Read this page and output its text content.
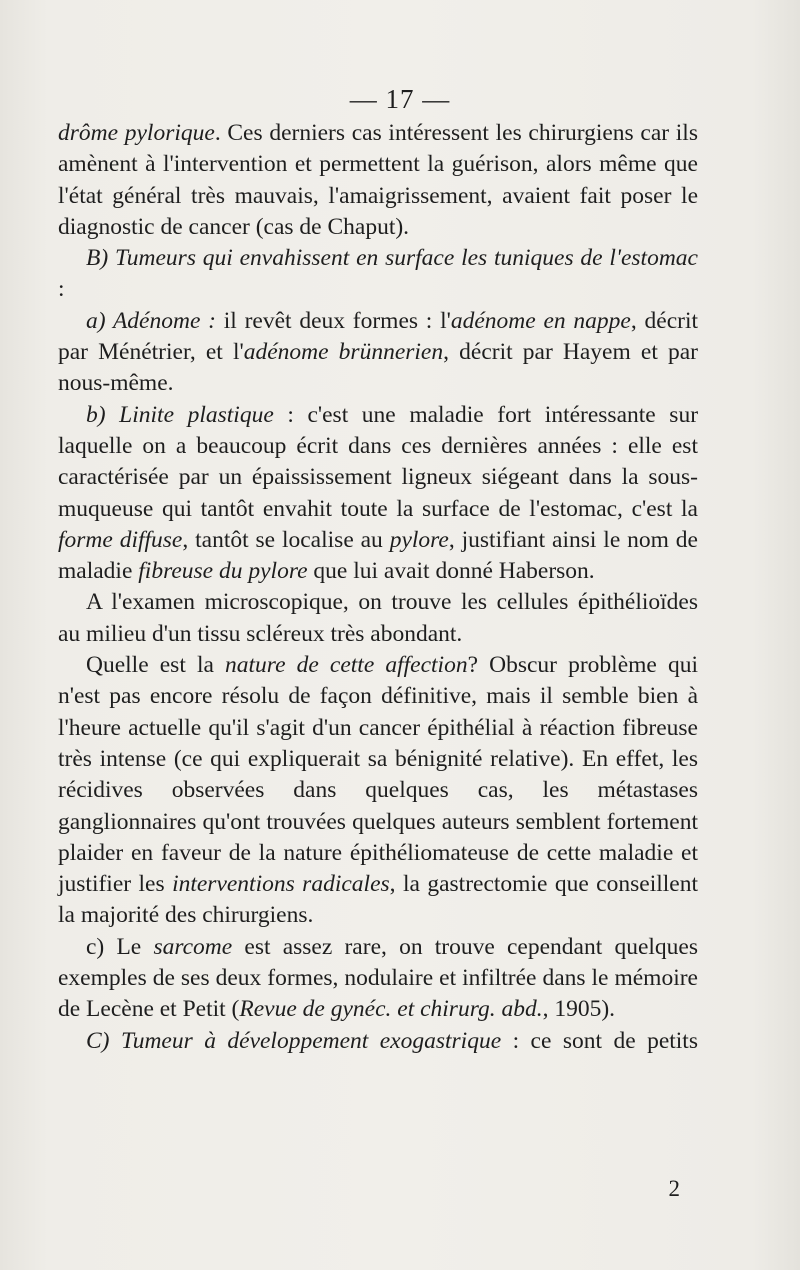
— 17 —

drôme pylorique. Ces derniers cas intéressent les chirurgiens car ils amènent à l'intervention et permettent la guérison, alors même que l'état général très mauvais, l'amaigrissement, avaient fait poser le diagnostic de cancer (cas de Chaput).

B) Tumeurs qui envahissent en surface les tuniques de l'estomac :

a) Adénome : il revêt deux formes : l'adénome en nappe, décrit par Ménétrier, et l'adénome brünnerien, décrit par Hayem et par nous-même.

b) Linite plastique : c'est une maladie fort intéressante sur laquelle on a beaucoup écrit dans ces dernières années : elle est caractérisée par un épaississement ligneux siégeant dans la sous-muqueuse qui tantôt envahit toute la surface de l'estomac, c'est la forme diffuse, tantôt se localise au pylore, justifiant ainsi le nom de maladie fibreuse du pylore que lui avait donné Haberson.

A l'examen microscopique, on trouve les cellules épithélioïdes au milieu d'un tissu scléreux très abondant.

Quelle est la nature de cette affection? Obscur problème qui n'est pas encore résolu de façon définitive, mais il semble bien à l'heure actuelle qu'il s'agit d'un cancer épithélial à réaction fibreuse très intense (ce qui expliquerait sa bénignité relative). En effet, les récidives observées dans quelques cas, les métastases ganglionnaires qu'ont trouvées quelques auteurs semblent fortement plaider en faveur de la nature épithéliomateuse de cette maladie et justifier les interventions radicales, la gastrectomie que conseillent la majorité des chirurgiens.

c) Le sarcome est assez rare, on trouve cependant quelques exemples de ses deux formes, nodulaire et infiltrée dans le mémoire de Lecène et Petit (Revue de gynéc. et chirurg. abd., 1905).

C) Tumeur à développement exogastrique : ce sont de petits

2
